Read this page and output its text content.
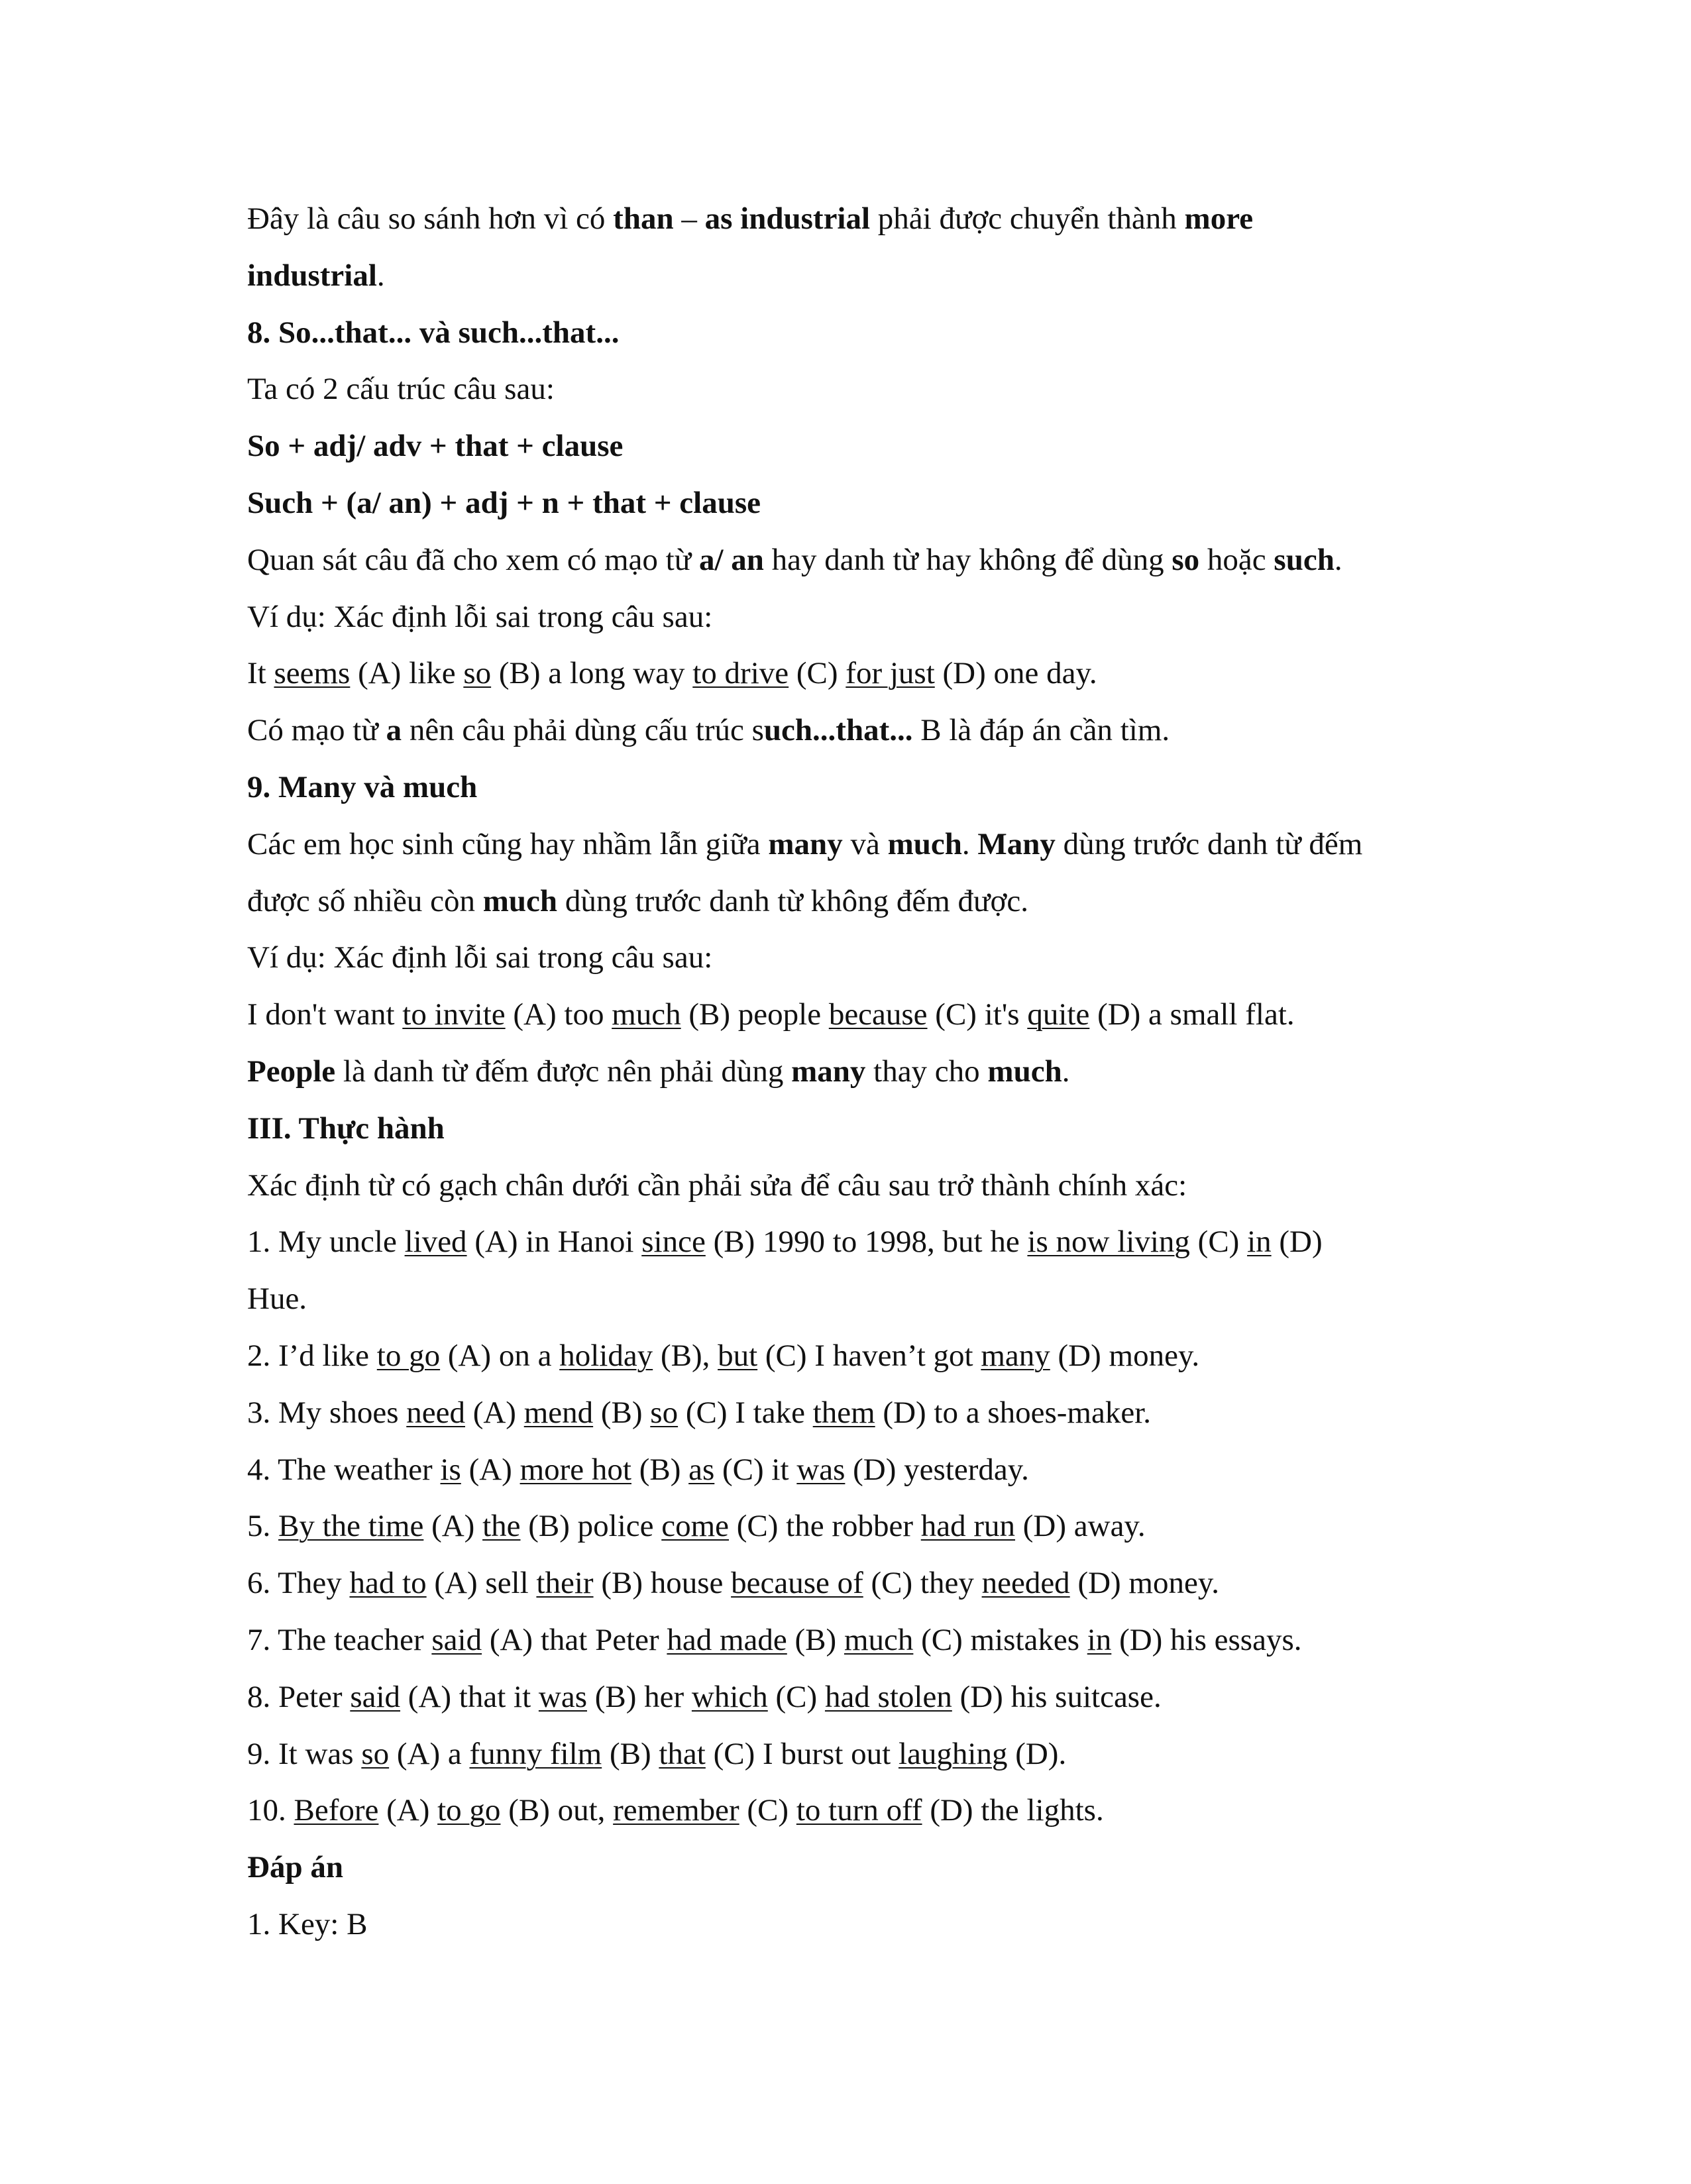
Đây là câu so sánh hơn vì có than – as industrial phải được chuyển thành more
industrial.
8. So...that... và such...that...
Ta có 2 cấu trúc câu sau:
So + adj/ adv + that + clause
Such + (a/ an) + adj + n + that + clause
Quan sát câu đã cho xem có mạo từ a/ an hay danh từ hay không để dùng so hoặc such.
Ví dụ: Xác định lỗi sai trong câu sau:
It seems (A) like so (B) a long way to drive (C) for just (D) one day.
Có mạo từ a nên câu phải dùng cấu trúc such...that... B là đáp án cần tìm.
9. Many và much
Các em học sinh cũng hay nhầm lẫn giữa many và much. Many dùng trước danh từ đếm
được số nhiều còn much dùng trước danh từ không đếm được.
Ví dụ: Xác định lỗi sai trong câu sau:
I don't want to invite (A) too much (B) people because (C) it's quite (D) a small flat.
People là danh từ đếm được nên phải dùng many thay cho much.
III. Thực hành
Xác định từ có gạch chân dưới cần phải sửa để câu sau trở thành chính xác:
1. My uncle lived (A) in Hanoi since (B) 1990 to 1998, but he is now living (C) in (D)
Hue.
2. I’d like to go (A) on a holiday (B), but (C) I haven’t got many (D) money.
3. My shoes need (A) mend (B) so (C) I take them (D) to a shoes-maker.
4. The weather is (A) more hot (B) as (C) it was (D) yesterday.
5. By the time (A) the (B) police come (C) the robber had run (D) away.
6. They had to (A) sell their (B) house because of (C) they needed (D) money.
7. The teacher said (A) that Peter had made (B) much (C) mistakes in (D) his essays.
8. Peter said (A) that it was (B) her which (C) had stolen (D) his suitcase.
9. It was so (A) a funny film (B) that (C) I burst out laughing (D).
10. Before (A) to go (B) out, remember (C) to turn off (D) the lights.
Đáp án
1. Key: B
